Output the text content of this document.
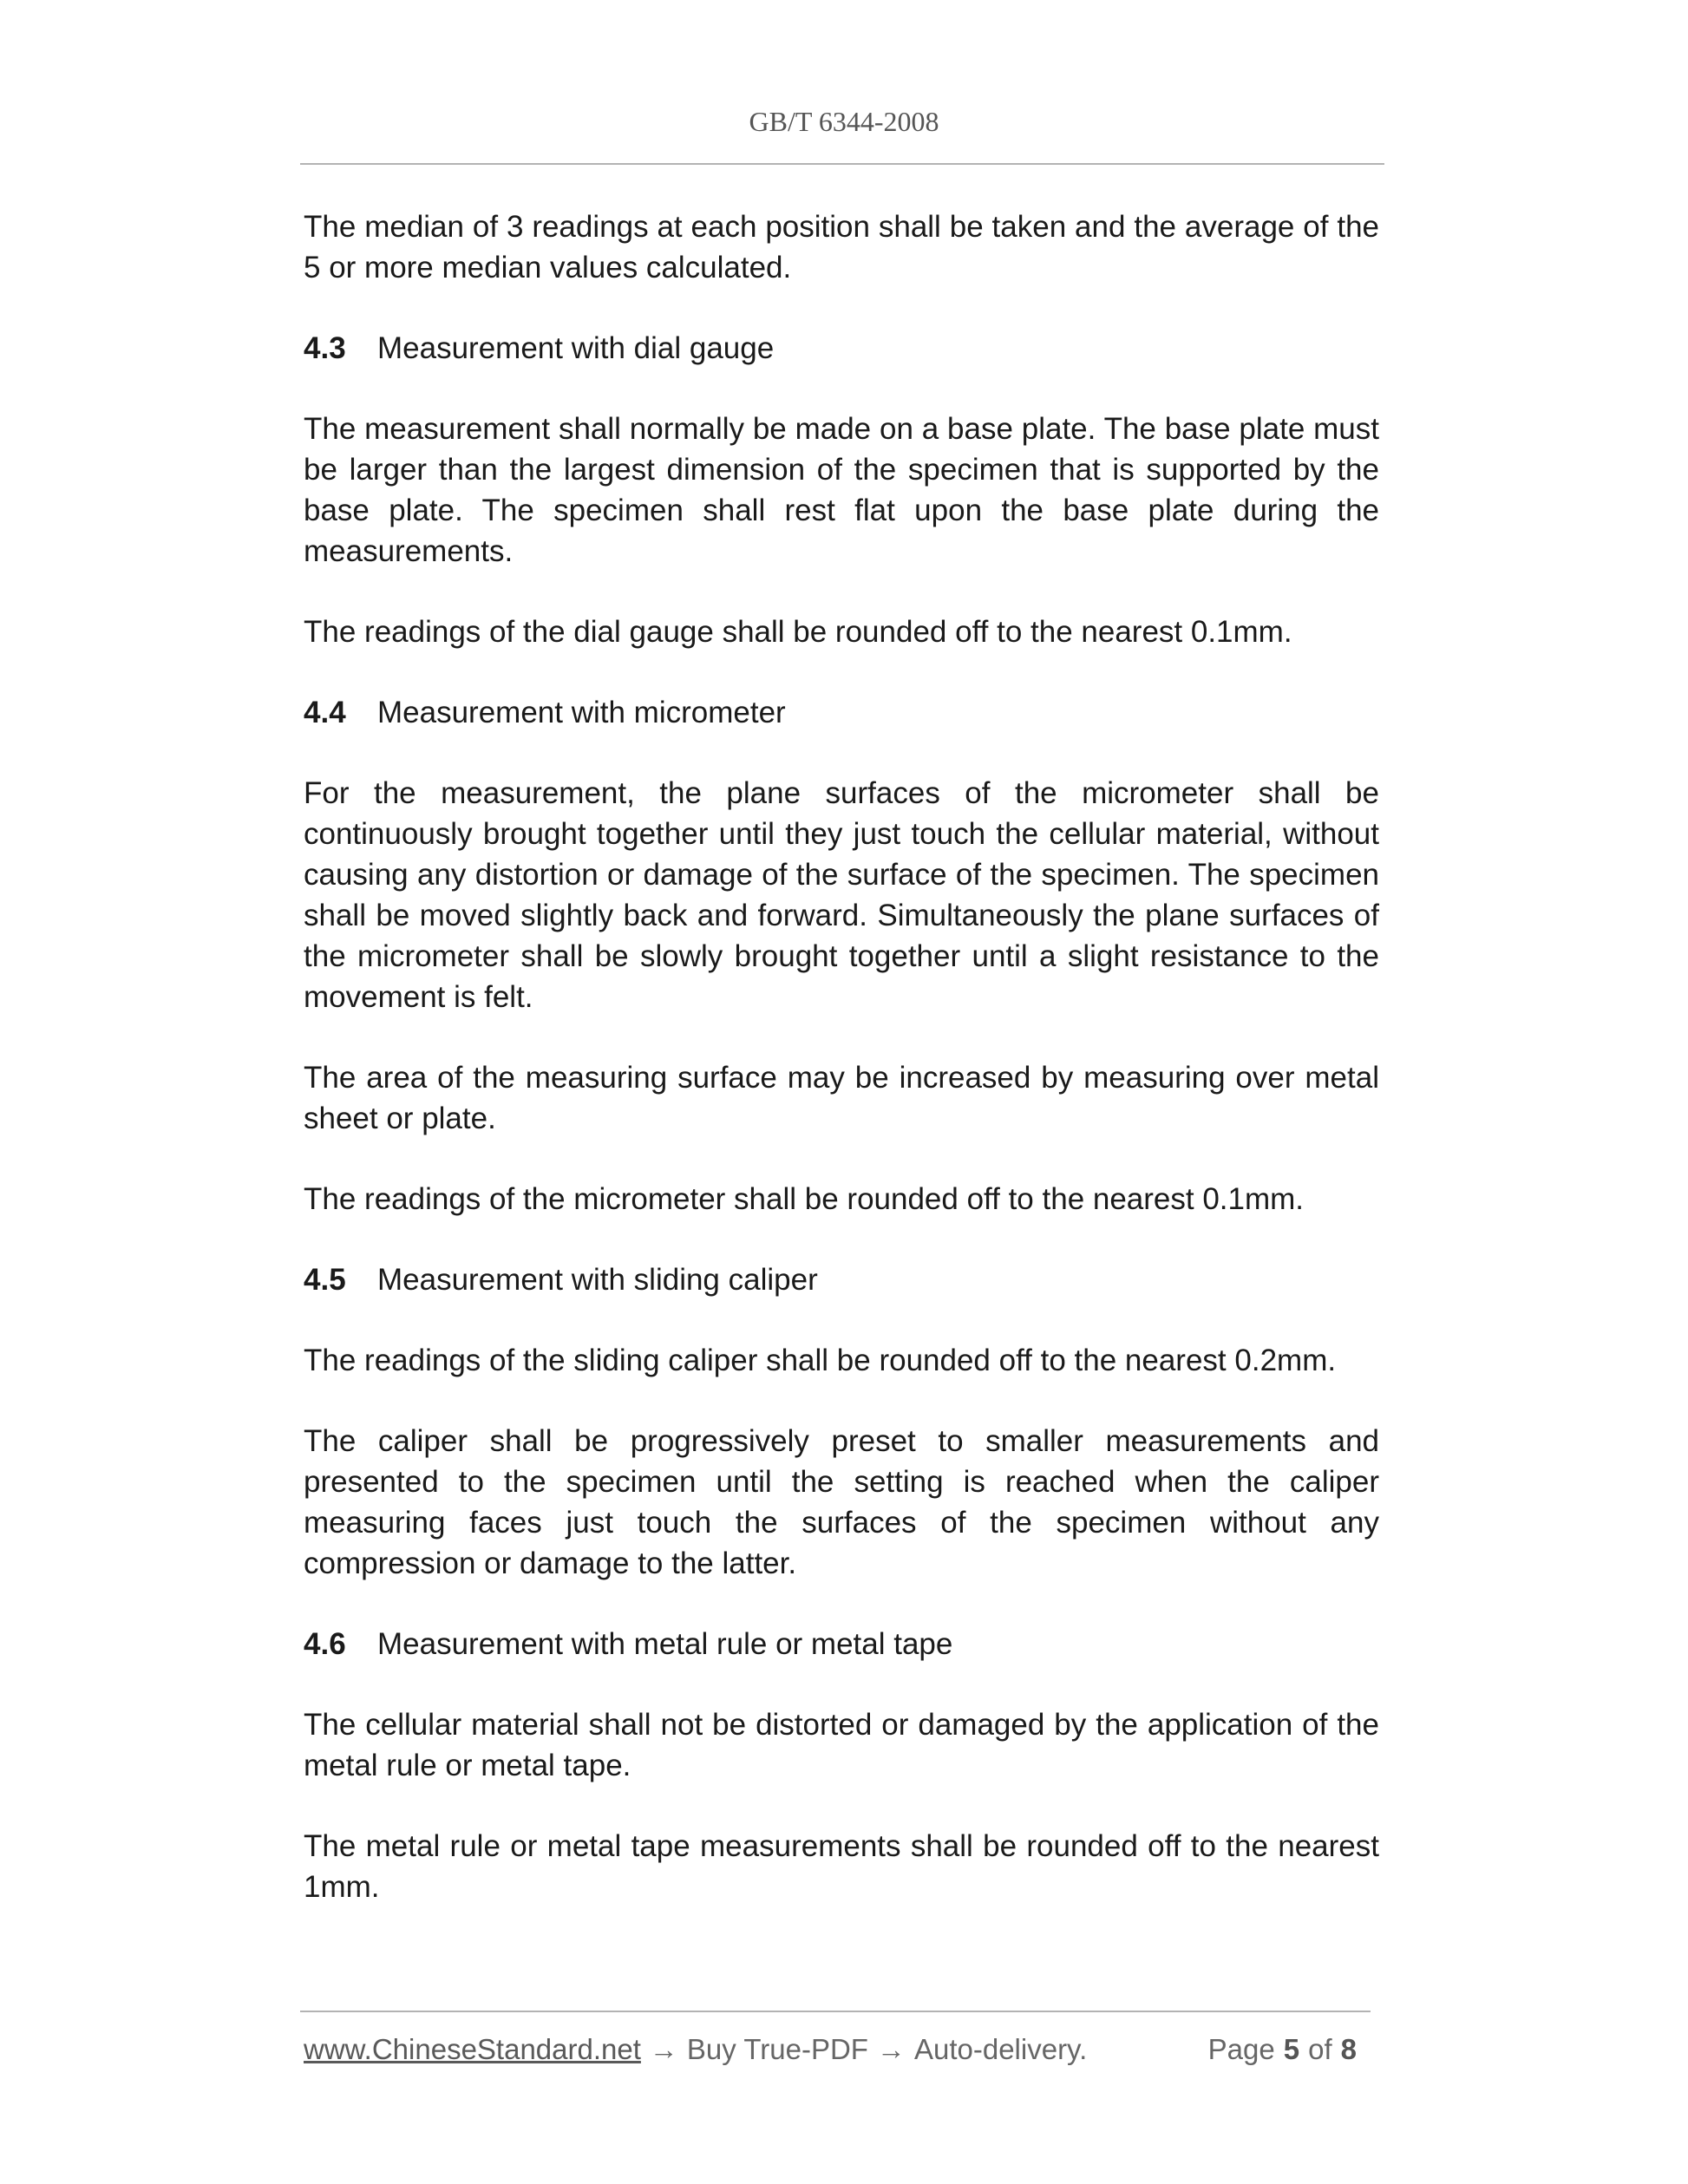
GB/T 6344-2008

The median of 3 readings at each position shall be taken and the average of the 5 or more median values calculated.

4.3 Measurement with dial gauge

The measurement shall normally be made on a base plate. The base plate must be larger than the largest dimension of the specimen that is supported by the base plate. The specimen shall rest flat upon the base plate during the measurements.

The readings of the dial gauge shall be rounded off to the nearest 0.1mm.

4.4 Measurement with micrometer

For the measurement, the plane surfaces of the micrometer shall be continuously brought together until they just touch the cellular material, without causing any distortion or damage of the surface of the specimen. The specimen shall be moved slightly back and forward. Simultaneously the plane surfaces of the micrometer shall be slowly brought together until a slight resistance to the movement is felt.

The area of the measuring surface may be increased by measuring over metal sheet or plate.

The readings of the micrometer shall be rounded off to the nearest 0.1mm.

4.5 Measurement with sliding caliper

The readings of the sliding caliper shall be rounded off to the nearest 0.2mm.

The caliper shall be progressively preset to smaller measurements and presented to the specimen until the setting is reached when the caliper measuring faces just touch the surfaces of the specimen without any compression or damage to the latter.

4.6 Measurement with metal rule or metal tape

The cellular material shall not be distorted or damaged by the application of the metal rule or metal tape.

The metal rule or metal tape measurements shall be rounded off to the nearest 1mm.

www.ChineseStandard.net → Buy True-PDF → Auto-delivery.	Page 5 of 8
